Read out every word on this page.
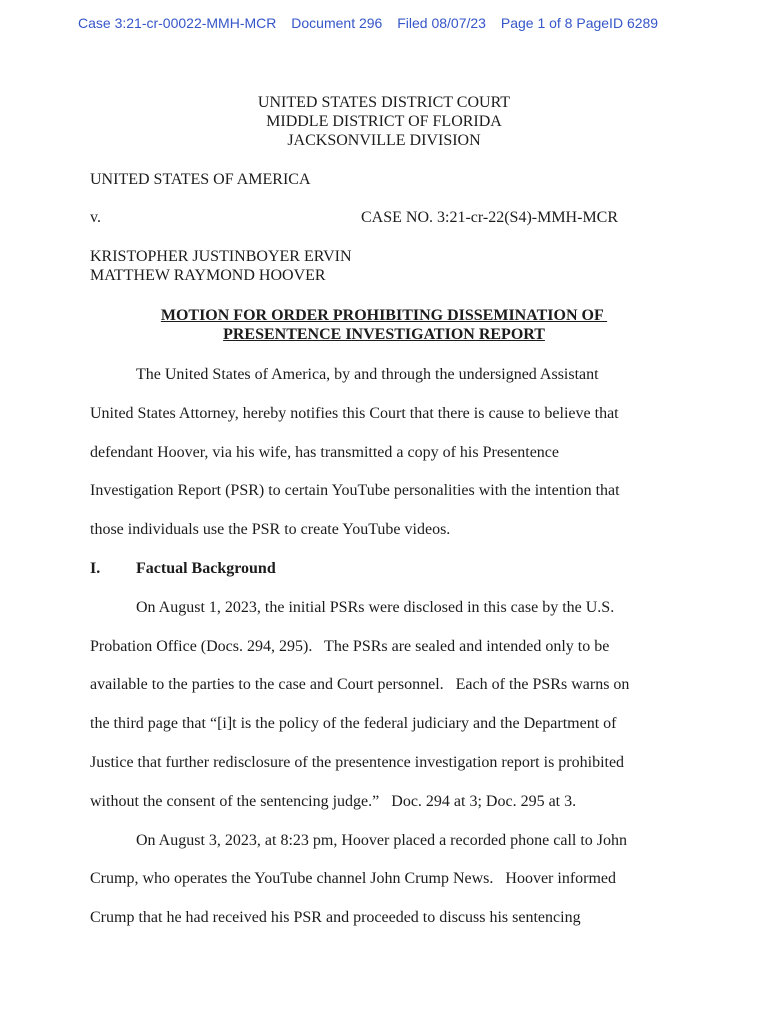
Case 3:21-cr-00022-MMH-MCR Document 296 Filed 08/07/23 Page 1 of 8 PageID 6289
UNITED STATES DISTRICT COURT
MIDDLE DISTRICT OF FLORIDA
JACKSONVILLE DIVISION
UNITED STATES OF AMERICA
v.	CASE NO. 3:21-cr-22(S4)-MMH-MCR
KRISTOPHER JUSTINBOYER ERVIN
MATTHEW RAYMOND HOOVER
MOTION FOR ORDER PROHIBITING DISSEMINATION OF
PRESENTENCE INVESTIGATION REPORT
The United States of America, by and through the undersigned Assistant
United States Attorney, hereby notifies this Court that there is cause to believe that
defendant Hoover, via his wife, has transmitted a copy of his Presentence
Investigation Report (PSR) to certain YouTube personalities with the intention that
those individuals use the PSR to create YouTube videos.
I.	Factual Background
On August 1, 2023, the initial PSRs were disclosed in this case by the U.S.
Probation Office (Docs. 294, 295).   The PSRs are sealed and intended only to be
available to the parties to the case and Court personnel.   Each of the PSRs warns on
the third page that “[i]t is the policy of the federal judiciary and the Department of
Justice that further redisclosure of the presentence investigation report is prohibited
without the consent of the sentencing judge.”   Doc. 294 at 3; Doc. 295 at 3.
On August 3, 2023, at 8:23 pm, Hoover placed a recorded phone call to John
Crump, who operates the YouTube channel John Crump News.   Hoover informed
Crump that he had received his PSR and proceeded to discuss his sentencing
